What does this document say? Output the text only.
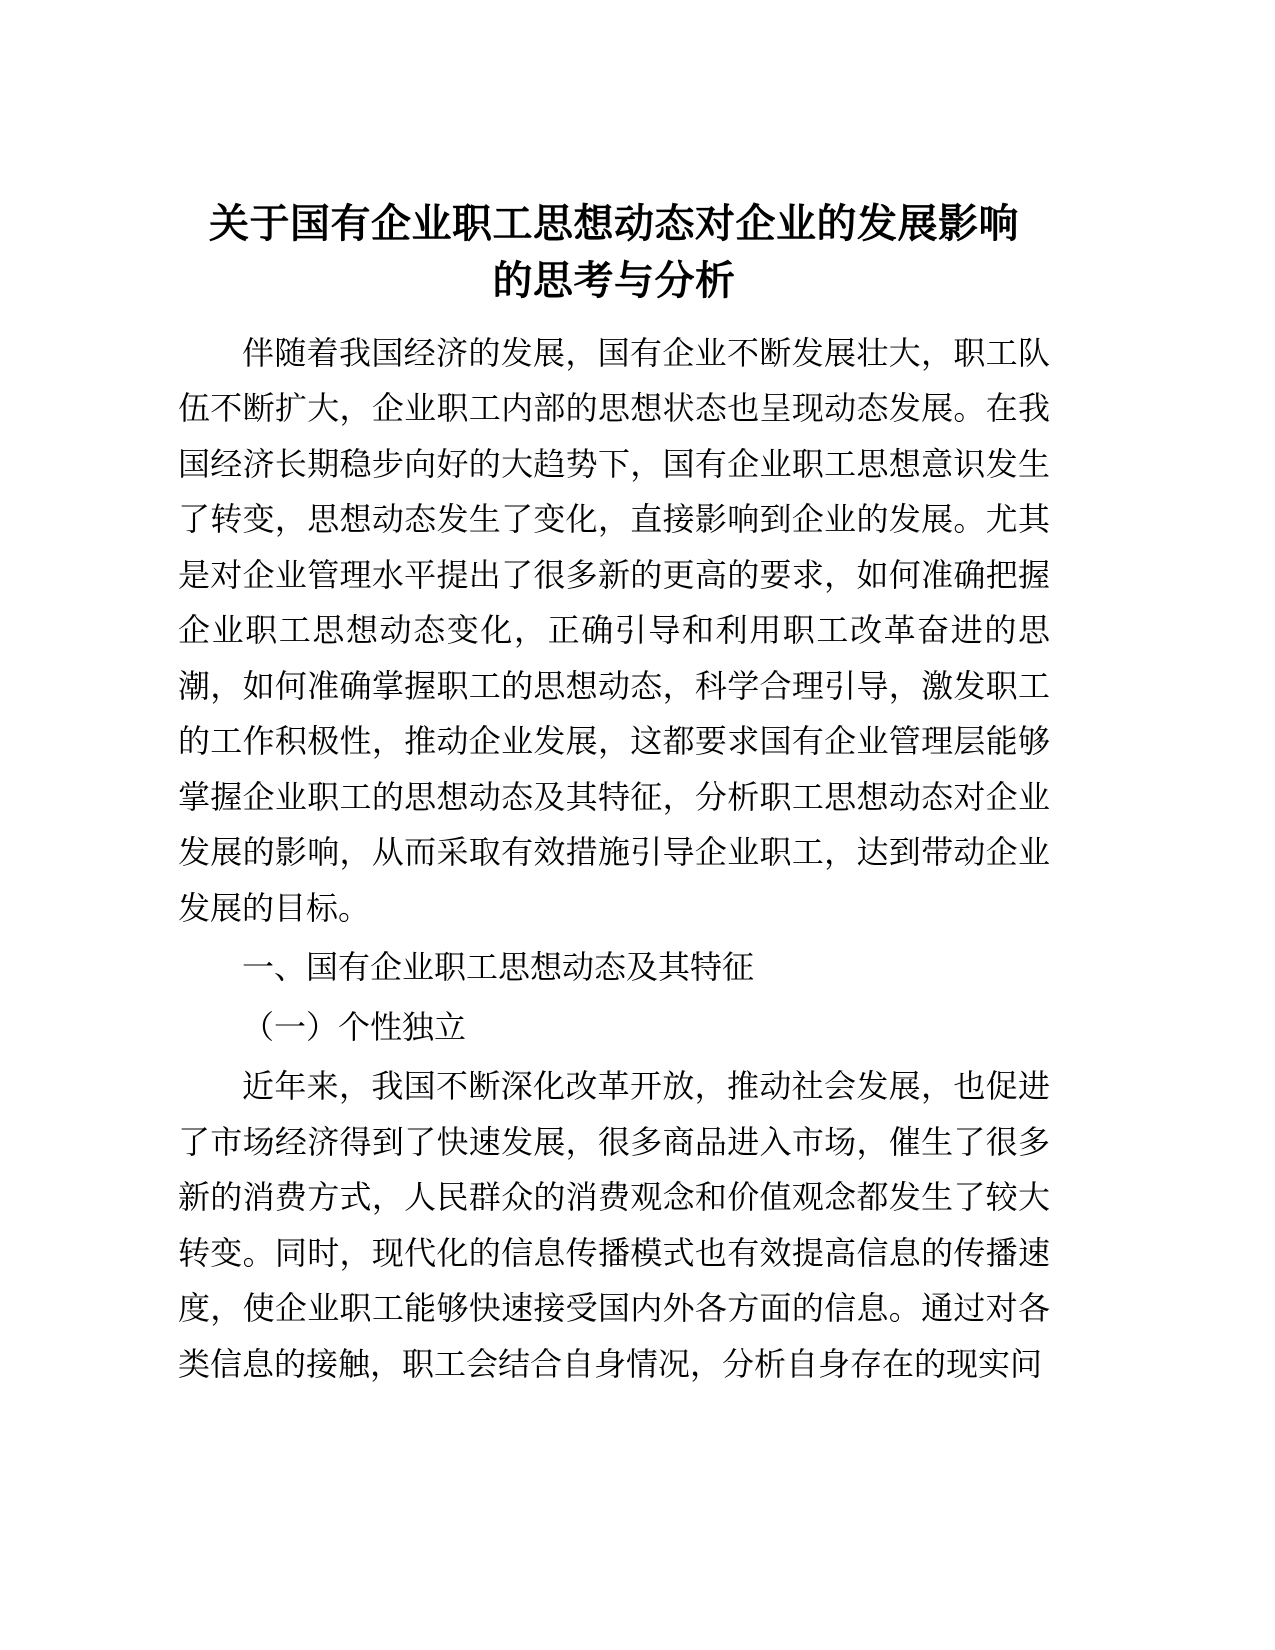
关于国有企业职工思想动态对企业的发展影响的思考与分析

伴随着我国经济的发展，国有企业不断发展壮大，职工队伍不断扩大，企业职工内部的思想状态也呈现动态发展。在我国经济长期稳步向好的大趋势下，国有企业职工思想意识发生了转变，思想动态发生了变化，直接影响到企业的发展。尤其是对企业管理水平提出了很多新的更高的要求，如何准确把握企业职工思想动态变化，正确引导和利用职工改革奋进的思潮，如何准确掌握职工的思想动态，科学合理引导，激发职工的工作积极性，推动企业发展，这都要求国有企业管理层能够掌握企业职工的思想动态及其特征，分析职工思想动态对企业发展的影响，从而采取有效措施引导企业职工，达到带动企业发展的目标。

一、国有企业职工思想动态及其特征

（一）个性独立

近年来，我国不断深化改革开放，推动社会发展，也促进了市场经济得到了快速发展，很多商品进入市场，催生了很多新的消费方式，人民群众的消费观念和价值观念都发生了较大转变。同时，现代化的信息传播模式也有效提高信息的传播速度，使企业职工能够快速接受国内外各方面的信息。通过对各类信息的接触，职工会结合自身情况，分析自身存在的现实问
